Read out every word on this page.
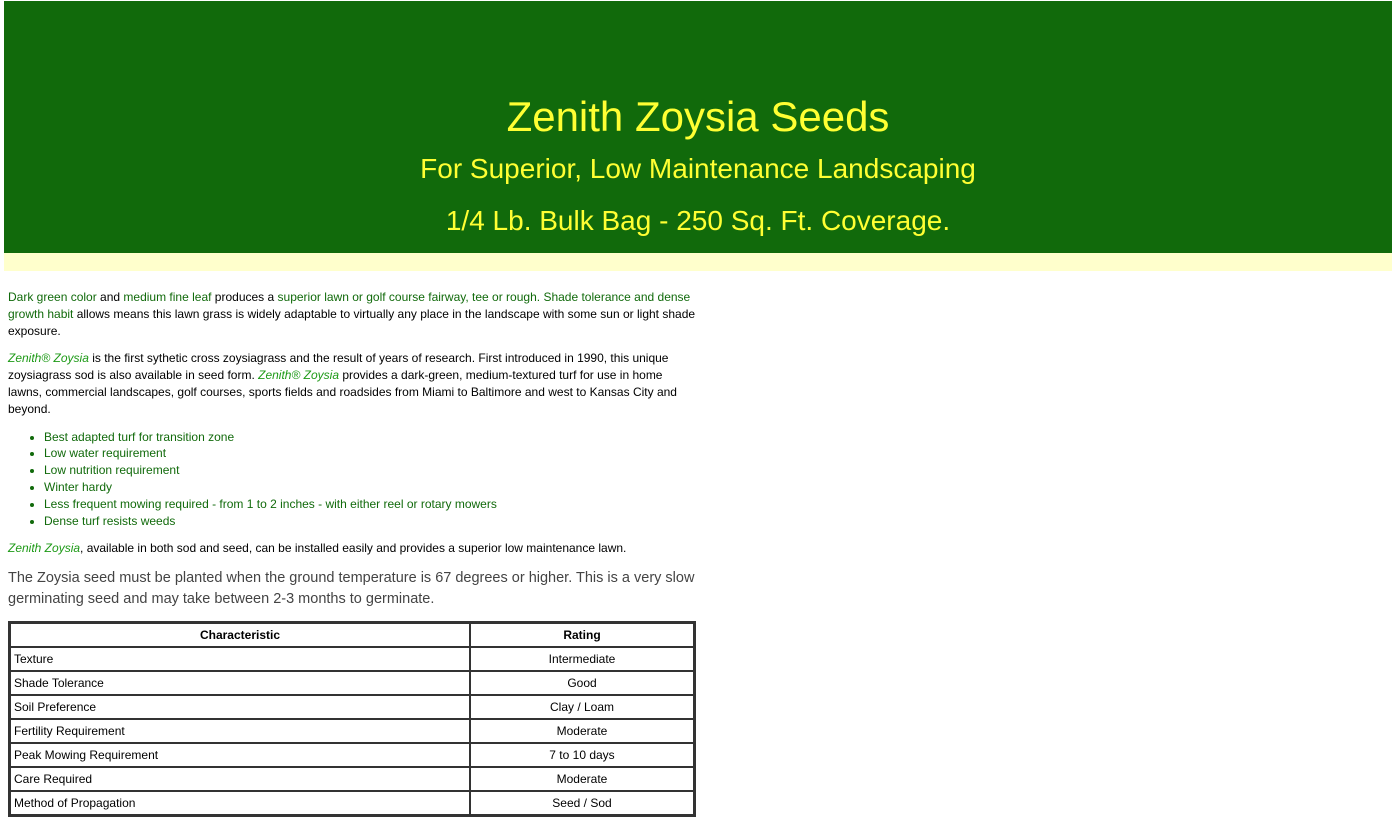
Zenith Zoysia Seeds
For Superior, Low Maintenance Landscaping
1/4 Lb. Bulk Bag - 250 Sq. Ft. Coverage.

Dark green color and medium fine leaf produces a superior lawn or golf course fairway, tee or rough. Shade tolerance and dense growth habit allows means this lawn grass is widely adaptable to virtually any place in the landscape with some sun or light shade exposure.

Zenith® Zoysia is the first sythetic cross zoysiagrass and the result of years of research. First introduced in 1990, this unique zoysiagrass sod is also available in seed form. Zenith® Zoysia provides a dark-green, medium-textured turf for use in home lawns, commercial landscapes, golf courses, sports fields and roadsides from Miami to Baltimore and west to Kansas City and beyond.

• Best adapted turf for transition zone
• Low water requirement
• Low nutrition requirement
• Winter hardy
• Less frequent mowing required - from 1 to 2 inches - with either reel or rotary mowers
• Dense turf resists weeds

Zenith Zoysia, available in both sod and seed, can be installed easily and provides a superior low maintenance lawn.

The Zoysia seed must be planted when the ground temperature is 67 degrees or higher. This is a very slow germinating seed and may take between 2-3 months to germinate.

Characteristic	Rating
Texture	Intermediate
Shade Tolerance	Good
Soil Preference	Clay / Loam
Fertility Requirement	Moderate
Peak Mowing Requirement	7 to 10 days
Care Required	Moderate
Method of Propagation	Seed / Sod
